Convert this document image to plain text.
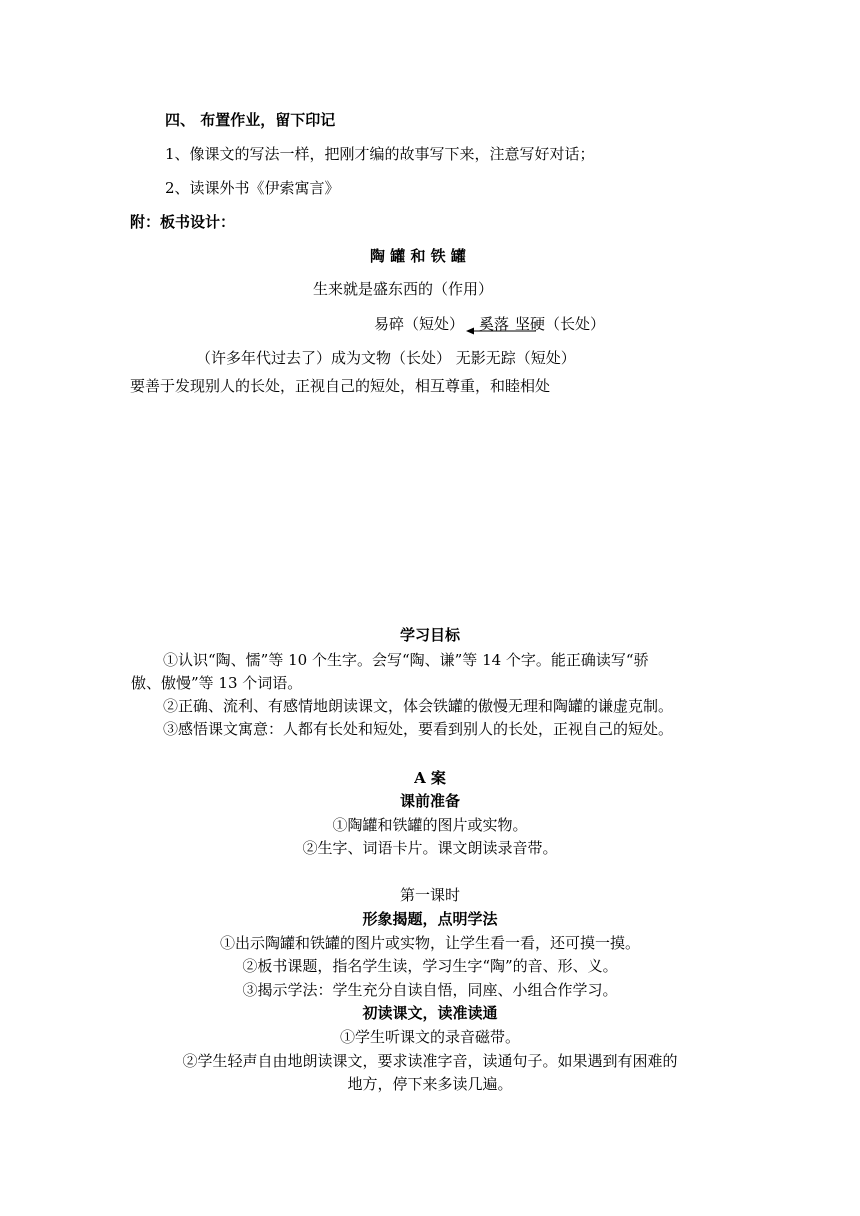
四、 布置作业，留下印记
1、像课文的写法一样，把刚才编的故事写下来，注意写好对话；
2、读课外书《伊索寓言》
附：板书设计：
陶 罐 和 铁 罐
生来就是盛东西的（作用）
易碎（短处） 奚落 坚硬（长处）
（许多年代过去了）成为文物（长处） 无影无踪（短处）
要善于发现别人的长处，正视自己的短处，相互尊重，和睦相处
学习目标
①认识“陶、懦”等 10 个生字。会写“陶、谦”等 14 个字。能正确读写“骄
傲、傲慢”等 13 个词语。
②正确、流利、有感情地朗读课文，体会铁罐的傲慢无理和陶罐的谦虚克制。
③感悟课文寓意：人都有长处和短处，要看到别人的长处，正视自己的短处。
A 案
课前准备
①陶罐和铁罐的图片或实物。
②生字、词语卡片。课文朗读录音带。
第一课时
形象揭题，点明学法
①出示陶罐和铁罐的图片或实物，让学生看一看，还可摸一摸。
②板书课题，指名学生读，学习生字“陶”的音、形、义。
③揭示学法：学生充分自读自悟，同座、小组合作学习。
初读课文，读准读通
①学生听课文的录音磁带。
②学生轻声自由地朗读课文，要求读准字音，读通句子。如果遇到有困难的
地方，停下来多读几遍。
